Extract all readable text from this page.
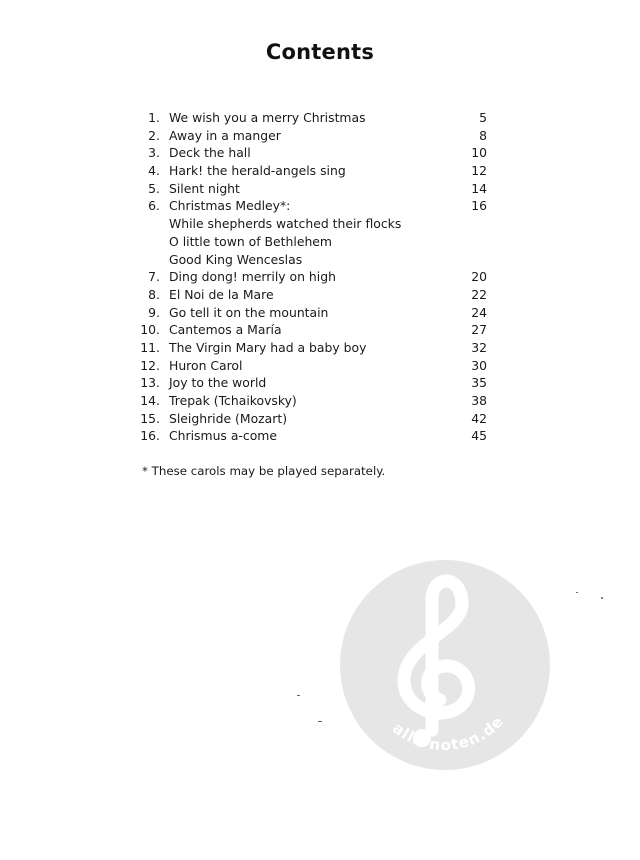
Contents
1. We wish you a merry Christmas	5
2. Away in a manger	8
3. Deck the hall	10
4. Hark! the herald-angels sing	12
5. Silent night	14
6. Christmas Medley*:	16
While shepherds watched their flocks
O little town of Bethlehem
Good King Wenceslas
7. Ding dong! merrily on high	20
8. El Noi de la Mare	22
9. Go tell it on the mountain	24
10. Cantemos a María	27
11. The Virgin Mary had a baby boy	32
12. Huron Carol	30
13. Joy to the world	35
14. Trepak (Tchaikovsky)	38
15. Sleighride (Mozart)	42
16. Chrismus a-come	45
* These carols may be played separately.
alle-noten.de
